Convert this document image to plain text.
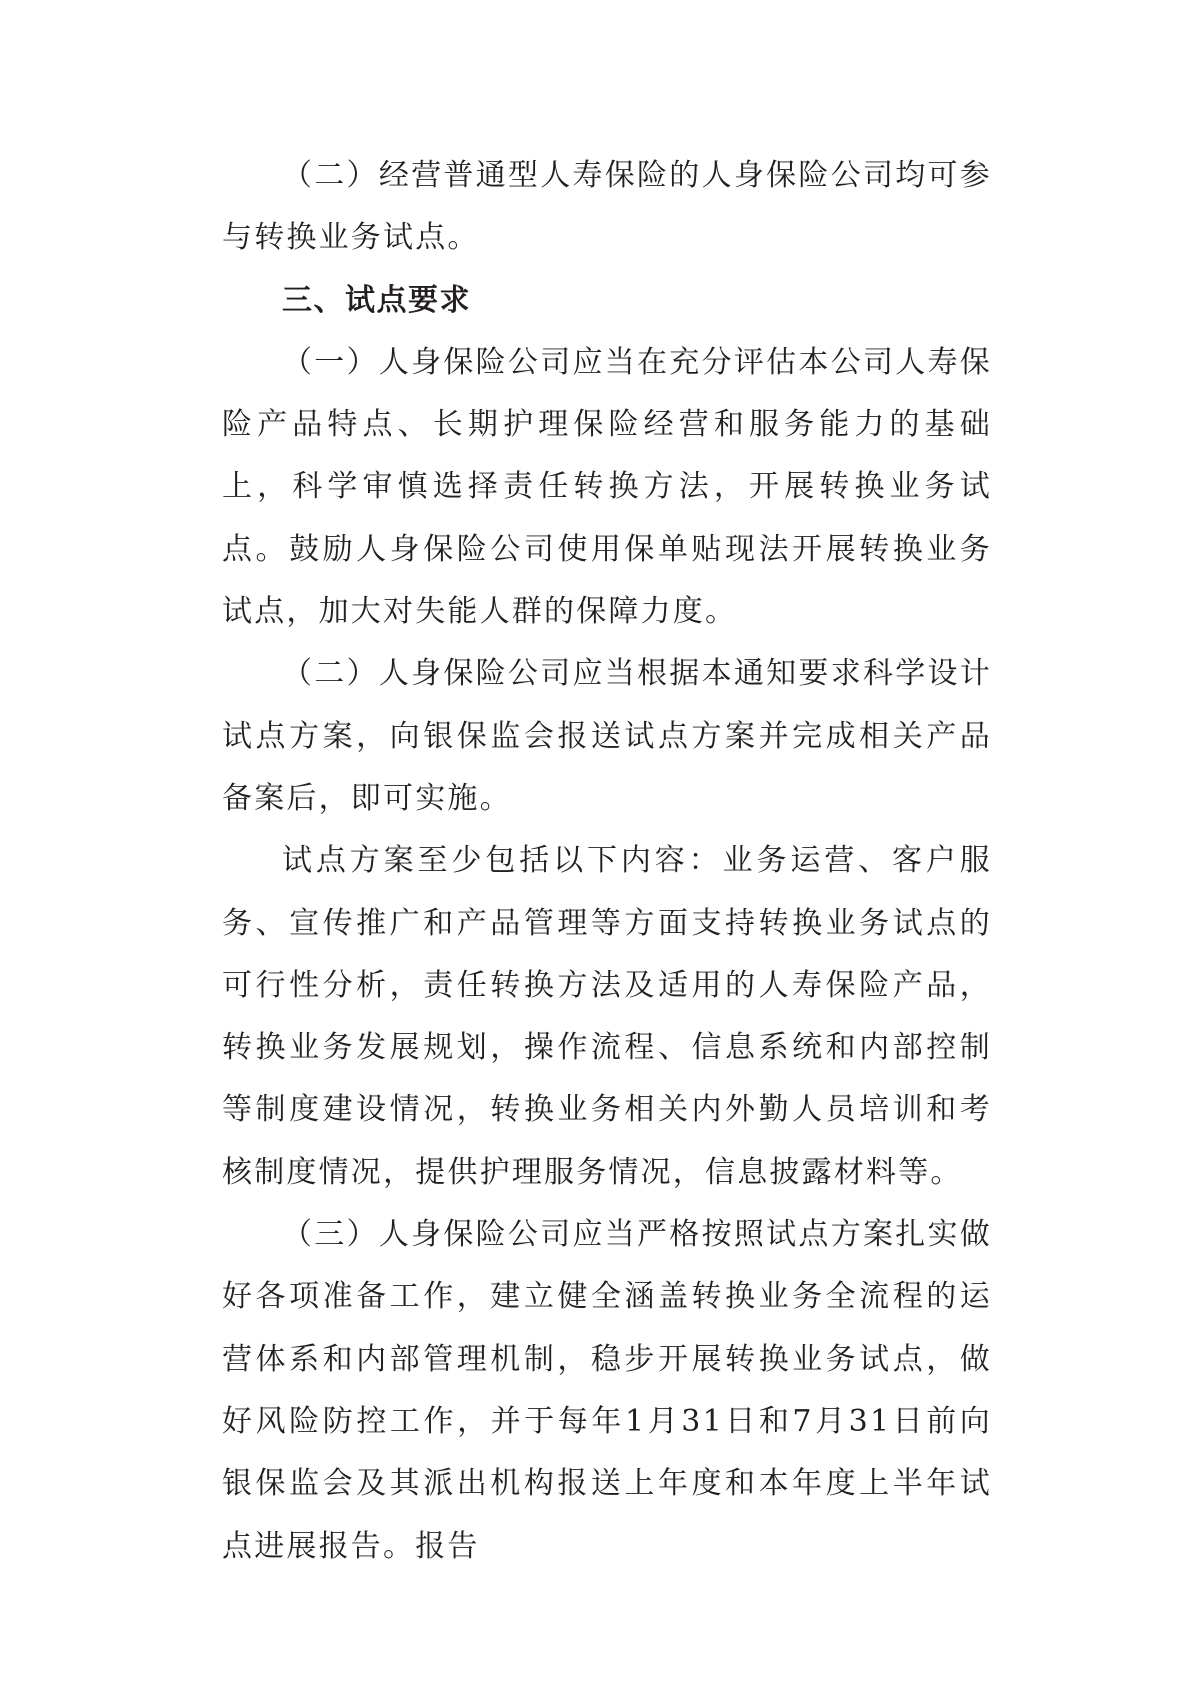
（二）经营普通型人寿保险的人身保险公司均可参与转换业务试点。

三、试点要求

（一）人身保险公司应当在充分评估本公司人寿保险产品特点、长期护理保险经营和服务能力的基础上，科学审慎选择责任转换方法，开展转换业务试点。鼓励人身保险公司使用保单贴现法开展转换业务试点，加大对失能人群的保障力度。

（二）人身保险公司应当根据本通知要求科学设计试点方案，向银保监会报送试点方案并完成相关产品备案后，即可实施。

试点方案至少包括以下内容：业务运营、客户服务、宣传推广和产品管理等方面支持转换业务试点的可行性分析，责任转换方法及适用的人寿保险产品，转换业务发展规划，操作流程、信息系统和内部控制等制度建设情况，转换业务相关内外勤人员培训和考核制度情况，提供护理服务情况，信息披露材料等。

（三）人身保险公司应当严格按照试点方案扎实做好各项准备工作，建立健全涵盖转换业务全流程的运营体系和内部管理机制，稳步开展转换业务试点，做好风险防控工作，并于每年1月31日和7月31日前向银保监会及其派出机构报送上年度和本年度上半年试点进展报告。报告
